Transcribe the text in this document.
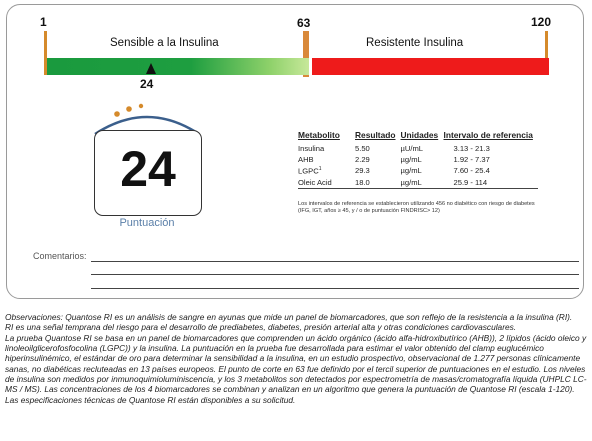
1	63	120
Sensible a la Insulina	Resistente Insulina
24
24
Puntuación
Metabolito	Resultado	Unidades	Intervalo de referencia
Insulina	5.50	µU/mL	3.13 - 21.3
AHB	2.29	µg/mL	1.92 - 7.37
LGPC$^1$	29.3	µg/mL	7.60 - 25.4
Oleic Acid	18.0	µg/mL	25.9 - 114
Los intervalos de referencia se establecieron utilizando 456 no diabético con riesgo de diabetes (IFG, IGT, años ≥ 45, y / o de puntuación FINDRISC> 12)
Comentarios:

Observaciones: Quantose RI es un análisis de sangre en ayunas que mide un panel de biomarcadores, que son reflejo de la resistencia a la insulina (RI).

RI es una señal temprana del riesgo para el desarrollo de prediabetes, diabetes, presión arterial alta y otras condiciones cardiovasculares.

La prueba Quantose RI se basa en un panel de biomarcadores que comprenden un ácido orgánico (ácido alfa-hidroxibutírico (AHB)), 2 lípidos (ácido oleico y linoleoilglicerofosfocolina (LGPC)) y la insulina. La puntuación en la prueba fue desarrollada para estimar el valor obtenido del clamp euglucémico hiperinsulinémico, el estándar de oro para determinar la sensibilidad a la insulina, en un estudio prospectivo, observacional de 1.277 personas clínicamente sanas, no diabéticas recluteadas en 13 países europeos. El punto de corte en 63 fue definido por el tercil superior de puntuaciones en el estudio. Los niveles de insulina son medidos por inmunoquimioluminiscencia, y los 3 metabolitos son detectados por espectrometría de masas/cromatografía líquida (UHPLC LC-MS / MS). Las concentraciones de los 4 biomarcadores se combinan y analizan en un algoritmo que genera la puntuación de Quantose RI (escala 1-120). Las especificaciones técnicas de Quantose RI están disponibles a su solicitud.
